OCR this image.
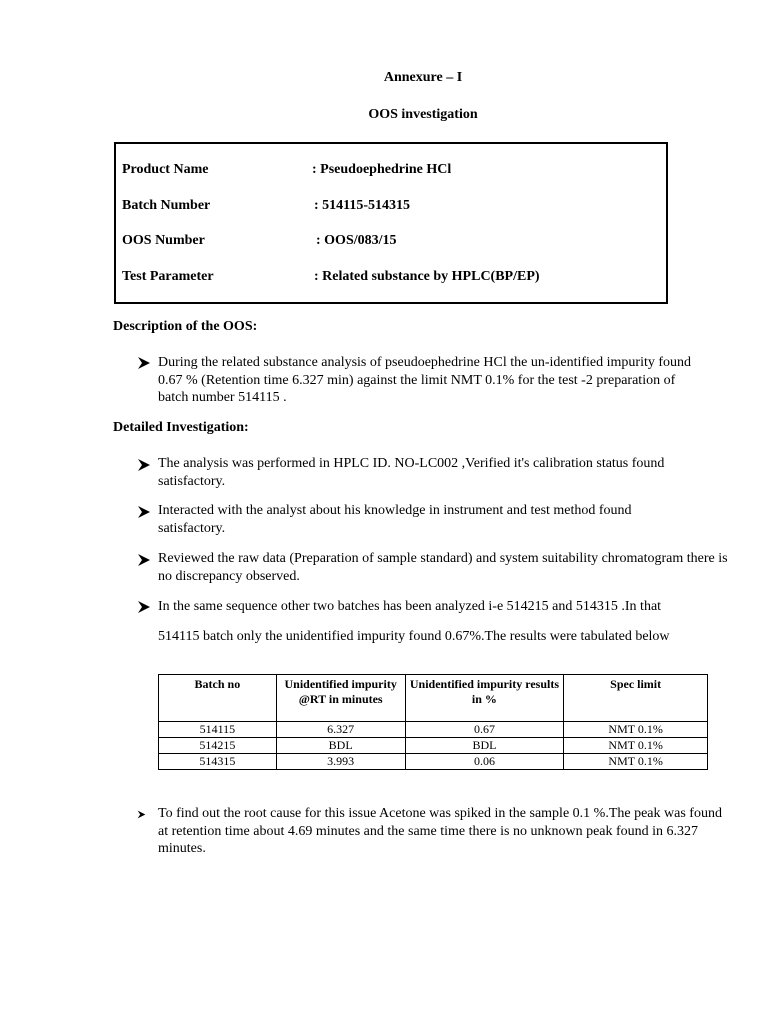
Annexure – I
OOS investigation
Product Name	: Pseudoephedrine HCl
Batch Number	: 514115-514315
OOS Number	: OOS/083/15
Test Parameter	: Related substance by HPLC(BP/EP)
Description of the OOS:
During the related substance analysis of pseudoephedrine HCl the un-identified impurity found 0.67 % (Retention time 6.327 min) against the limit NMT 0.1% for the test -2 preparation of batch number 514115 .
Detailed Investigation:
The analysis was performed in HPLC ID. NO-LC002 ,Verified it's calibration status found satisfactory.
Interacted with the analyst about his knowledge in instrument and test method found satisfactory.
Reviewed the raw data (Preparation of sample standard) and system suitability chromatogram there is no discrepancy observed.
In the same sequence other two batches has been analyzed i-e 514215 and 514315 .In that
514115 batch only the unidentified impurity found 0.67%.The results were tabulated below
Batch no	Unidentified impurity @RT in minutes	Unidentified impurity results in %	Spec limit
514115	6.327	0.67	NMT 0.1%
514215	BDL	BDL	NMT 0.1%
514315	3.993	0.06	NMT 0.1%
To find out the root cause for this issue Acetone was spiked in the sample 0.1 %.The peak was found at retention time about 4.69 minutes and the same time there is no unknown peak found in 6.327 minutes.
